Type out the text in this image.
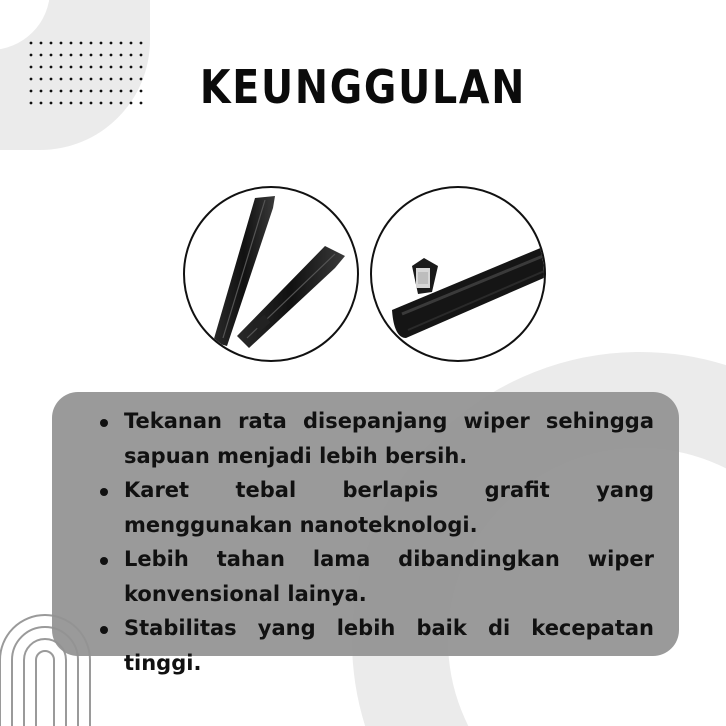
KEUNGGULAN
Tekanan rata disepanjang wiper sehingga sapuan menjadi lebih bersih.
Karet tebal berlapis grafit yang menggunakan nanoteknologi.
Lebih tahan lama dibandingkan wiper konvensional lainya.
Stabilitas yang lebih baik di kecepatan tinggi.
